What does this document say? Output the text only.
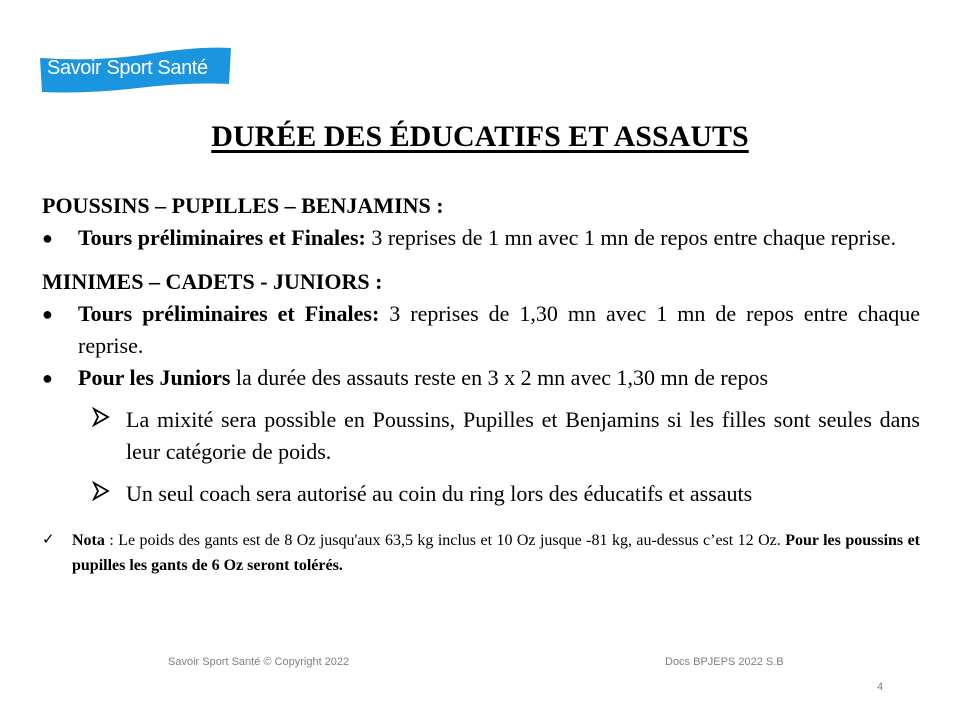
Savoir Sport Santé
DURÉE DES ÉDUCATIFS ET ASSAUTS
POUSSINS – PUPILLES – BENJAMINS :
● Tours préliminaires et Finales: 3 reprises de 1 mn avec 1 mn de repos entre chaque reprise.
MINIMES – CADETS - JUNIORS :
● Tours préliminaires et Finales: 3 reprises de 1,30 mn avec 1 mn de repos entre chaque reprise.
● Pour les Juniors la durée des assauts reste en 3 x 2 mn avec 1,30 mn de repos
La mixité sera possible en Poussins, Pupilles et Benjamins si les filles sont seules dans leur catégorie de poids.
Un seul coach sera autorisé au coin du ring lors des éducatifs et assauts
✓ Nota : Le poids des gants est de 8 Oz jusqu'aux 63,5 kg inclus et 10 Oz jusque -81 kg, au-dessus c’est 12 Oz. Pour les poussins et pupilles les gants de 6 Oz seront tolérés.
Savoir Sport Santé © Copyright 2022	Docs BPJEPS 2022 S.B
4
